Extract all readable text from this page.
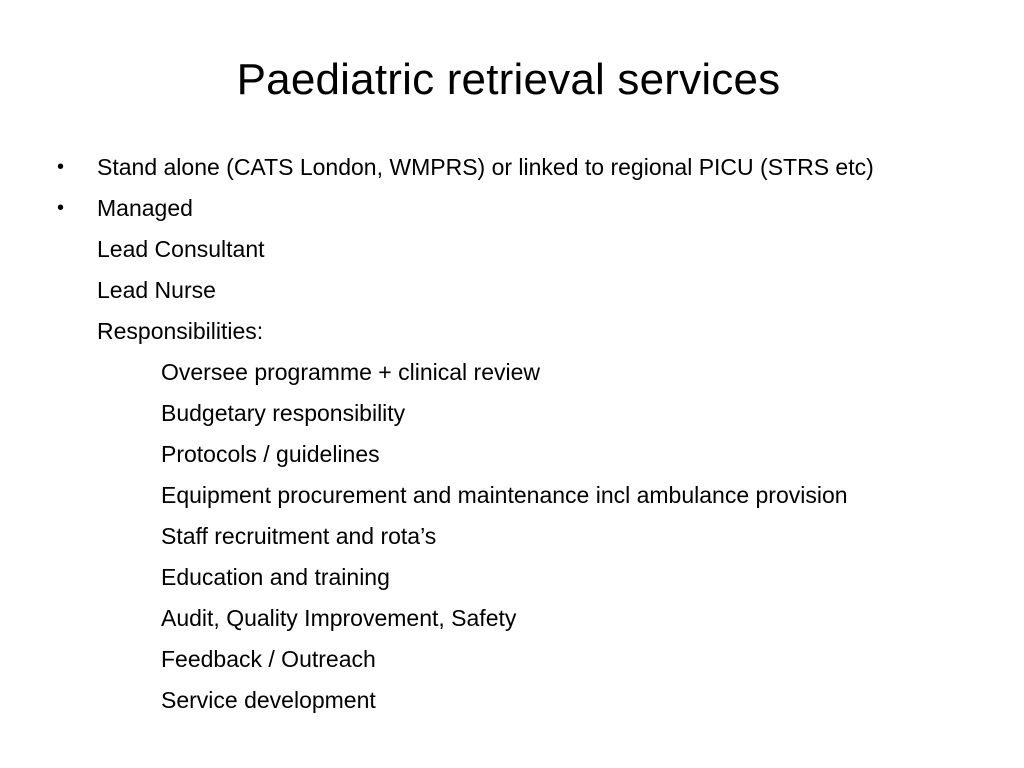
Paediatric retrieval services
• Stand alone (CATS London, WMPRS) or linked to regional PICU (STRS etc)
• Managed
Lead Consultant
Lead Nurse
Responsibilities:
Oversee programme + clinical review
Budgetary responsibility
Protocols / guidelines
Equipment procurement and maintenance incl ambulance provision
Staff recruitment and rota’s
Education and training
Audit, Quality Improvement, Safety
Feedback / Outreach
Service development
